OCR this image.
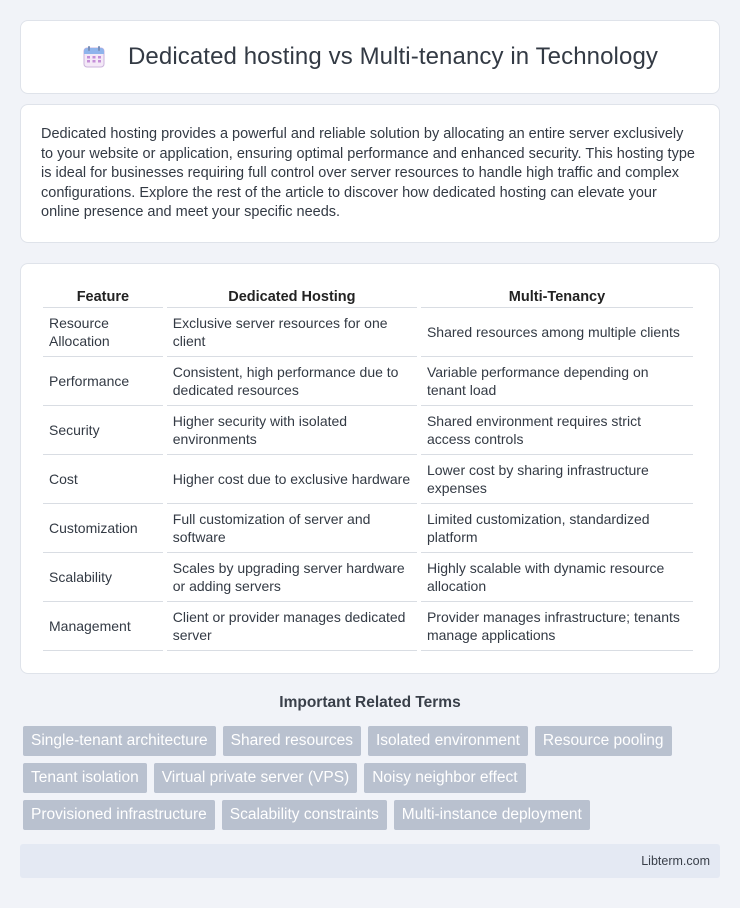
Dedicated hosting vs Multi-tenancy in Technology

Dedicated hosting provides a powerful and reliable solution by allocating an entire server exclusively to your website or application, ensuring optimal performance and enhanced security. This hosting type is ideal for businesses requiring full control over server resources to handle high traffic and complex configurations. Explore the rest of the article to discover how dedicated hosting can elevate your online presence and meet your specific needs.

Feature	Dedicated Hosting	Multi-Tenancy
Resource Allocation	Exclusive server resources for one client	Shared resources among multiple clients
Performance	Consistent, high performance due to dedicated resources	Variable performance depending on tenant load
Security	Higher security with isolated environments	Shared environment requires strict access controls
Cost	Higher cost due to exclusive hardware	Lower cost by sharing infrastructure expenses
Customization	Full customization of server and software	Limited customization, standardized platform
Scalability	Scales by upgrading server hardware or adding servers	Highly scalable with dynamic resource allocation
Management	Client or provider manages dedicated server	Provider manages infrastructure; tenants manage applications
Important Related Terms
Single-tenant architecture	Shared resources	Isolated environment	Resource pooling
Tenant isolation	Virtual private server (VPS)	Noisy neighbor effect
Provisioned infrastructure	Scalability constraints	Multi-instance deployment
Libterm.com
